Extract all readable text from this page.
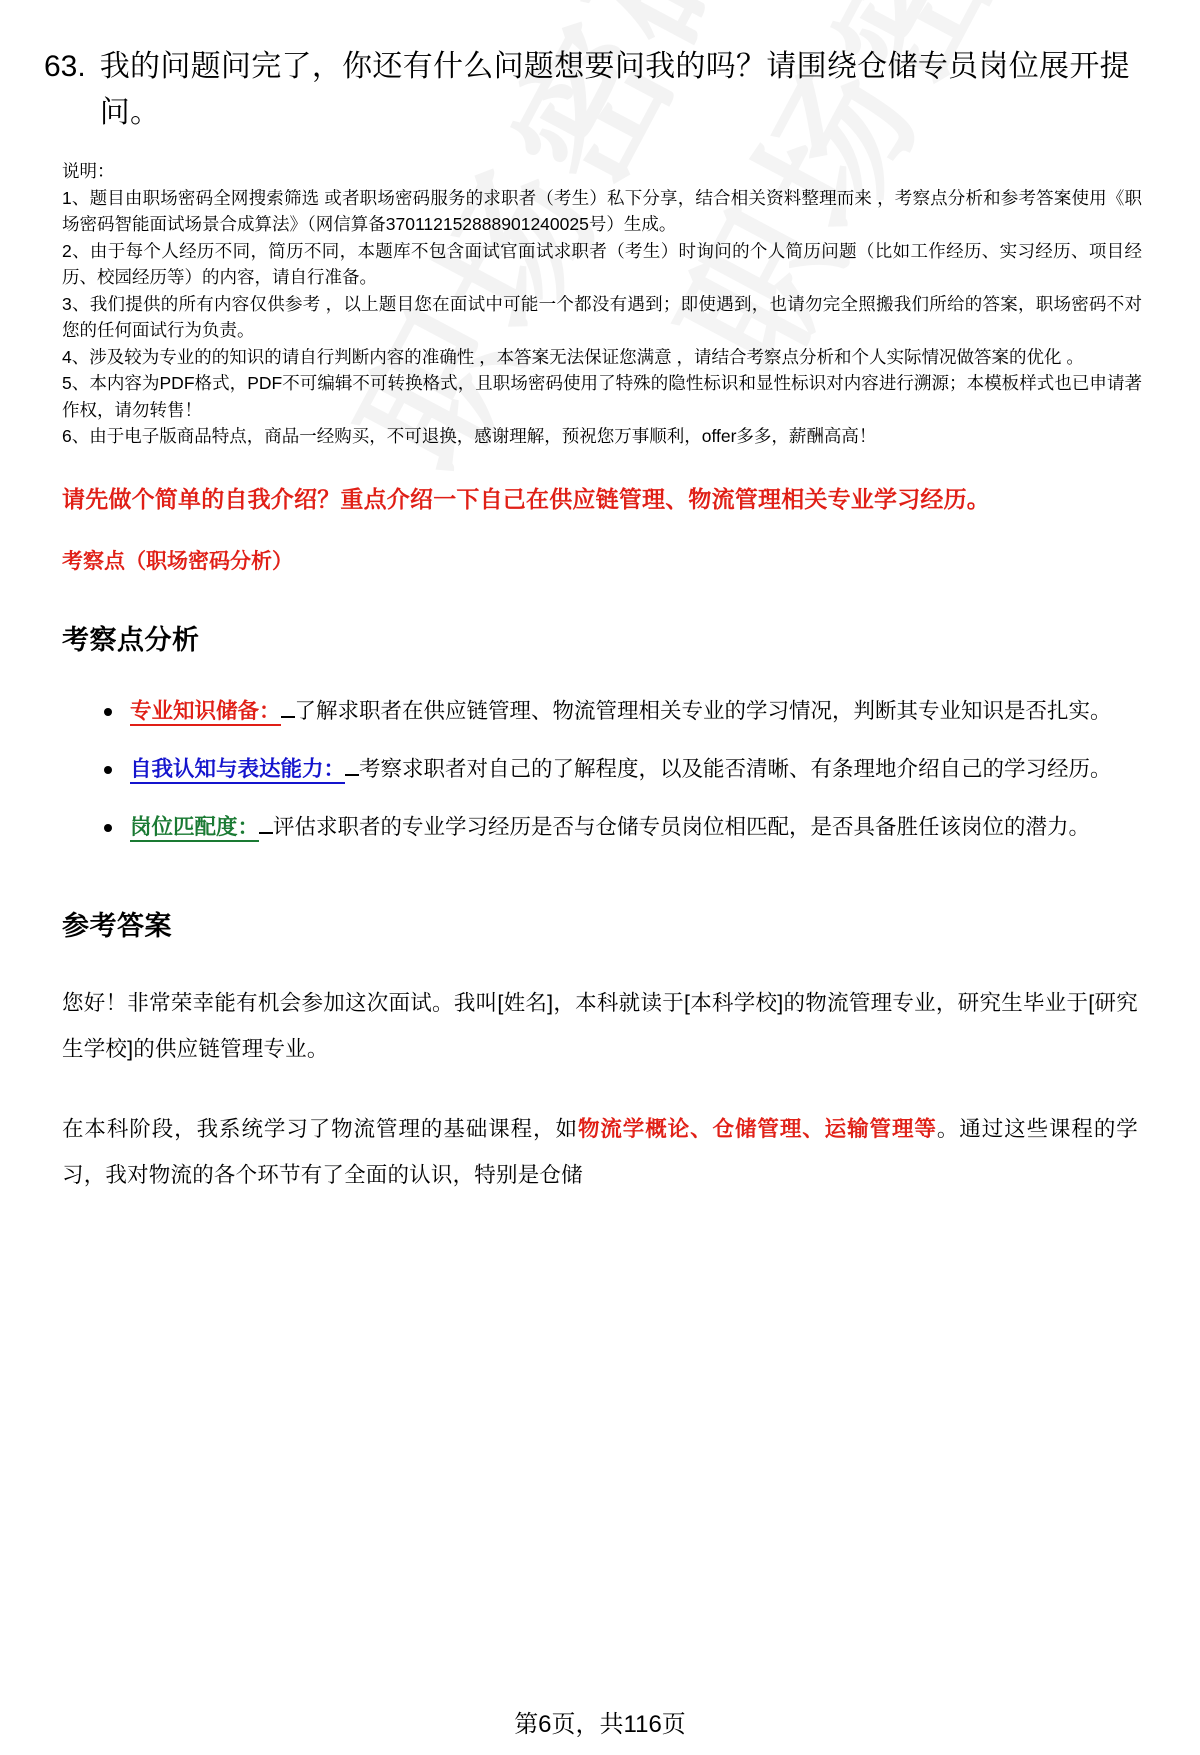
63. 我的问题问完了，你还有什么问题想要问我的吗？请围绕仓储专员岗位展开提问。
说明：
1、题目由职场密码全网搜索筛选 或者职场密码服务的求职者（考生）私下分享，结合相关资料整理而来 ，考察点分析和参考答案使用《职场密码智能面试场景合成算法》（网信算备370112152888901240025号）生成。
2、由于每个人经历不同，简历不同，本题库不包含面试官面试求职者（考生）时询问的个人简历问题（比如工作经历、实习经历、项目经历、校园经历等）的内容，请自行准备。
3、我们提供的所有内容仅供参考 ，以上题目您在面试中可能一个都没有遇到；即使遇到，也请勿完全照搬我们所给的答案，职场密码不对您的任何面试行为负责。
4、涉及较为专业的的知识的请自行判断内容的准确性 ，本答案无法保证您满意 ，请结合考察点分析和个人实际情况做答案的优化 。
5、本内容为PDF格式，PDF不可编辑不可转换格式，且职场密码使用了特殊的隐性标识和显性标识对内容进行溯源；本模板样式也已申请著作权，请勿转售！
6、由于电子版商品特点，商品一经购买，不可退换，感谢理解，预祝您万事顺利，offer多多，薪酬高高！
请先做个简单的自我介绍？重点介绍一下自己在供应链管理、物流管理相关专业学习经历。
考察点（职场密码分析）
考察点分析
专业知识储备： 了解求职者在供应链管理、物流管理相关专业的学习情况，判断其专业知识是否扎实。
自我认知与表达能力： 考察求职者对自己的了解程度，以及能否清晰、有条理地介绍自己的学习经历。
岗位匹配度： 评估求职者的专业学习经历是否与仓储专员岗位相匹配，是否具备胜任该岗位的潜力。
参考答案
您好！非常荣幸能有机会参加这次面试。我叫[姓名]，本科就读于[本科学校]的物流管理专业，研究生毕业于[研究生学校]的供应链管理专业。
在本科阶段，我系统学习了物流管理的基础课程，如物流学概论、仓储管理、运输管理等。通过这些课程的学习，我对物流的各个环节有了全面的认识，特别是仓储
第6页，共116页
